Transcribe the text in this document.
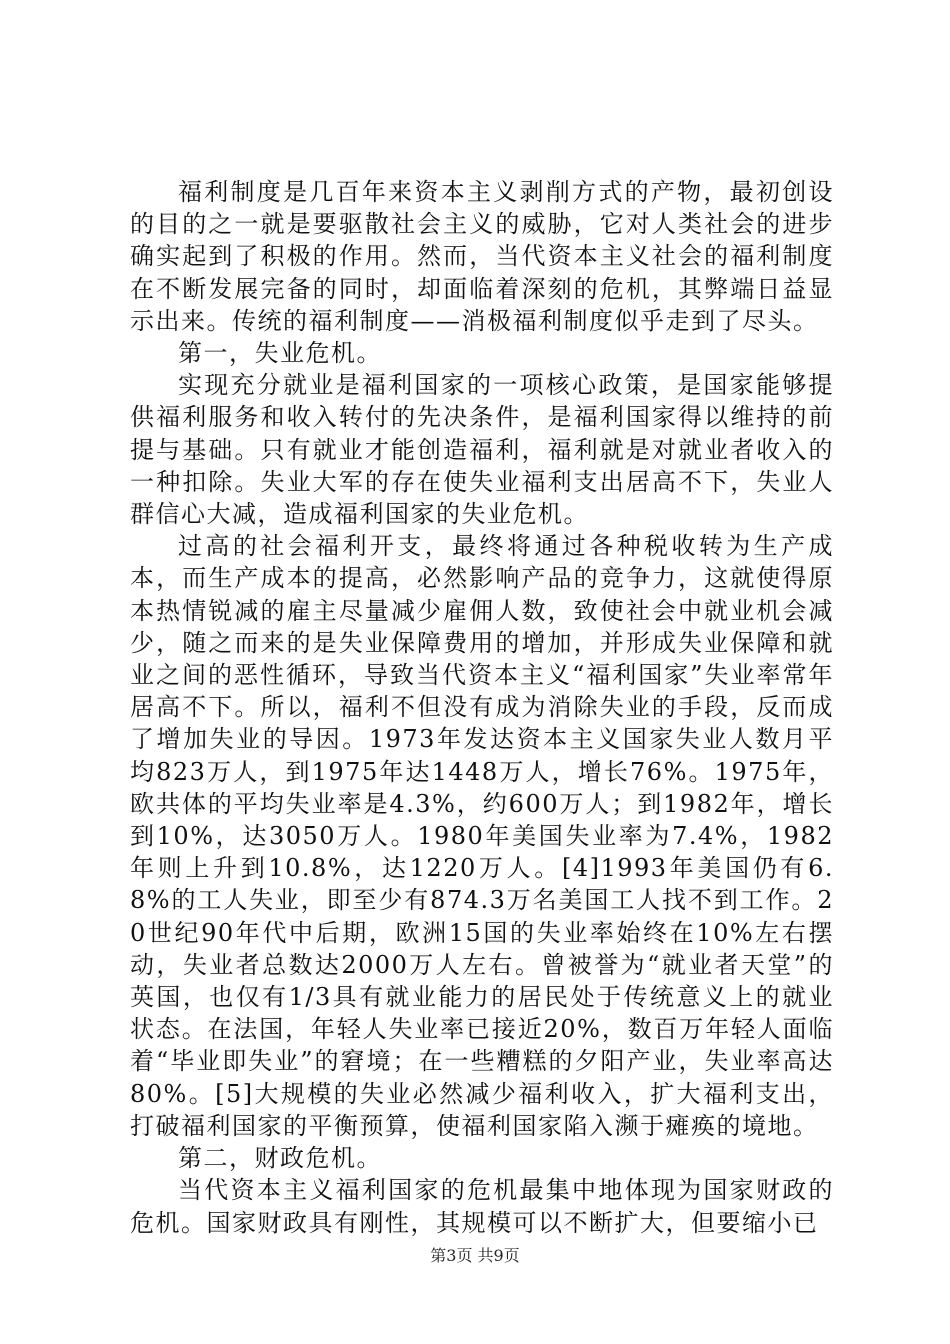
福利制度是几百年来资本主义剥削方式的产物，最初创设的目的之一就是要驱散社会主义的威胁，它对人类社会的进步确实起到了积极的作用。然而，当代资本主义社会的福利制度在不断发展完备的同时，却面临着深刻的危机，其弊端日益显示出来。传统的福利制度——消极福利制度似乎走到了尽头。

第一，失业危机。

实现充分就业是福利国家的一项核心政策，是国家能够提供福利服务和收入转付的先决条件，是福利国家得以维持的前提与基础。只有就业才能创造福利，福利就是对就业者收入的一种扣除。失业大军的存在使失业福利支出居高不下，失业人群信心大减，造成福利国家的失业危机。

过高的社会福利开支，最终将通过各种税收转为生产成本，而生产成本的提高，必然影响产品的竞争力，这就使得原本热情锐减的雇主尽量减少雇佣人数，致使社会中就业机会减少，随之而来的是失业保障费用的增加，并形成失业保障和就业之间的恶性循环，导致当代资本主义“福利国家”失业率常年居高不下。所以，福利不但没有成为消除失业的手段，反而成了增加失业的导因。1973年发达资本主义国家失业人数月平均823万人，到1975年达1448万人，增长76%。1975年，欧共体的平均失业率是4.3%，约600万人；到1982年，增长到10%，达3050万人。1980年美国失业率为7.4%，1982年则上升到10.8%，达1220万人。[4]1993年美国仍有6.8%的工人失业，即至少有874.3万名美国工人找不到工作。20世纪90年代中后期，欧洲15国的失业率始终在10%左右摆动，失业者总数达2000万人左右。曾被誉为“就业者天堂”的英国，也仅有1/3具有就业能力的居民处于传统意义上的就业状态。在法国，年轻人失业率已接近20%，数百万年轻人面临着“毕业即失业”的窘境；在一些糟糕的夕阳产业，失业率高达80%。[5]大规模的失业必然减少福利收入，扩大福利支出，打破福利国家的平衡预算，使福利国家陷入濒于瘫痪的境地。

第二，财政危机。

当代资本主义福利国家的危机最集中地体现为国家财政的危机。国家财政具有刚性，其规模可以不断扩大，但要缩小已

第3页 共9页
